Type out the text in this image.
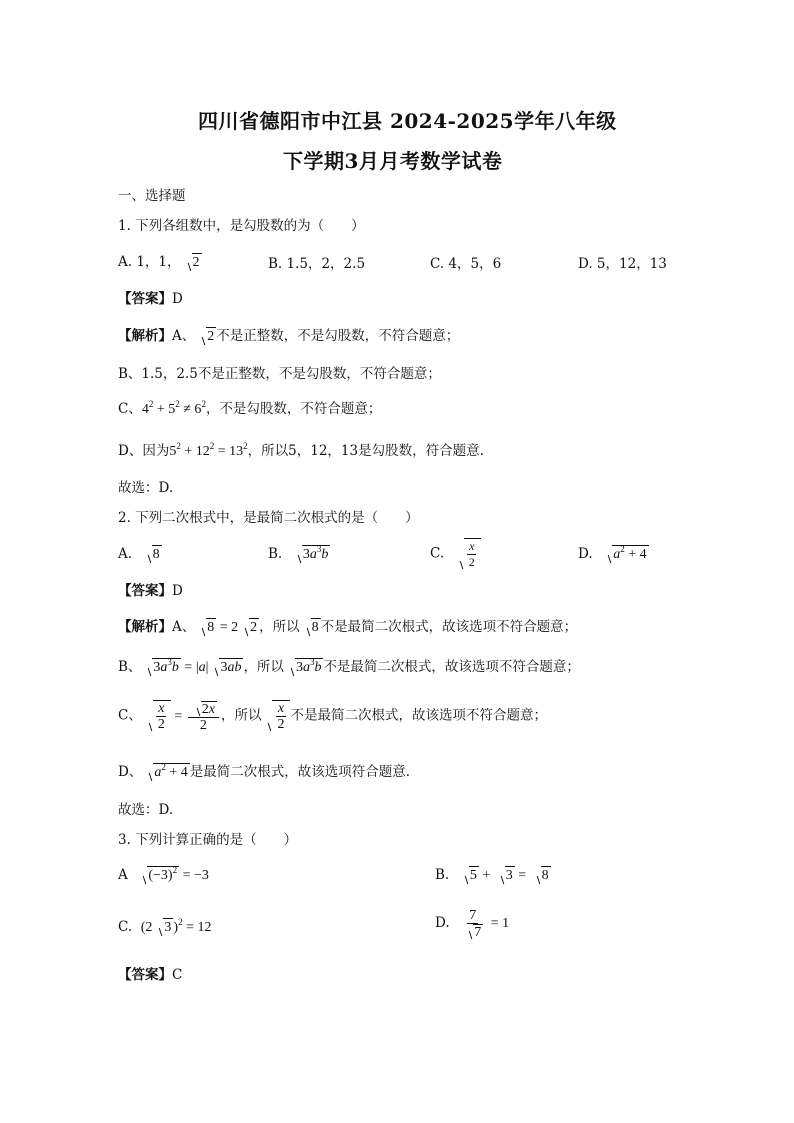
四川省德阳市中江县 2024-2025学年八年级
下学期3月月考数学试卷
一、选择题
1. 下列各组数中，是勾股数的为（　　）
A. 1，1， 2	B. 1.5，2，2.5	C. 4，5，6	D. 5，12，13
【答案】D
【解析】A、 2 不是正整数，不是勾股数，不符合题意；
B、1.5，2.5不是正整数，不是勾股数，不符合题意；
C、$4^2 + 5^2 \ne 6^2$，不是勾股数，不符合题意；
D、因为$5^2 + 12^2 = 13^2$，所以5，12，13是勾股数，符合题意.
故选：D.
2. 下列二次根式中，是最简二次根式的是（　　）
A. 8	B. $3a^3b$	C. $\frac{x}{2}$	D. $a^2 + 4$
【答案】D
【解析】A、 8 = 2 2 ，所以 8 不是最简二次根式，故该选项不符合题意；
B、 $3a^3b = |a|$ 3ab ，所以 $3a^3b$ 不是最简二次根式，故该选项不符合题意；
C、 $\frac{x}{2} = \frac{2x}{2}$ ，所以 $\frac{x}{2}$ 不是最简二次根式，故该选项不符合题意；
D、 $a^2 + 4$ 是最简二次根式，故该选项符合题意.
故选：D.
3. 下列计算正确的是（　　）
A $(-3)^2 = -3$	B. 5 + 3 = 8
C. (2 3 )$^2$ = 12	D. $\frac{7}{7} = 1$
【答案】C
